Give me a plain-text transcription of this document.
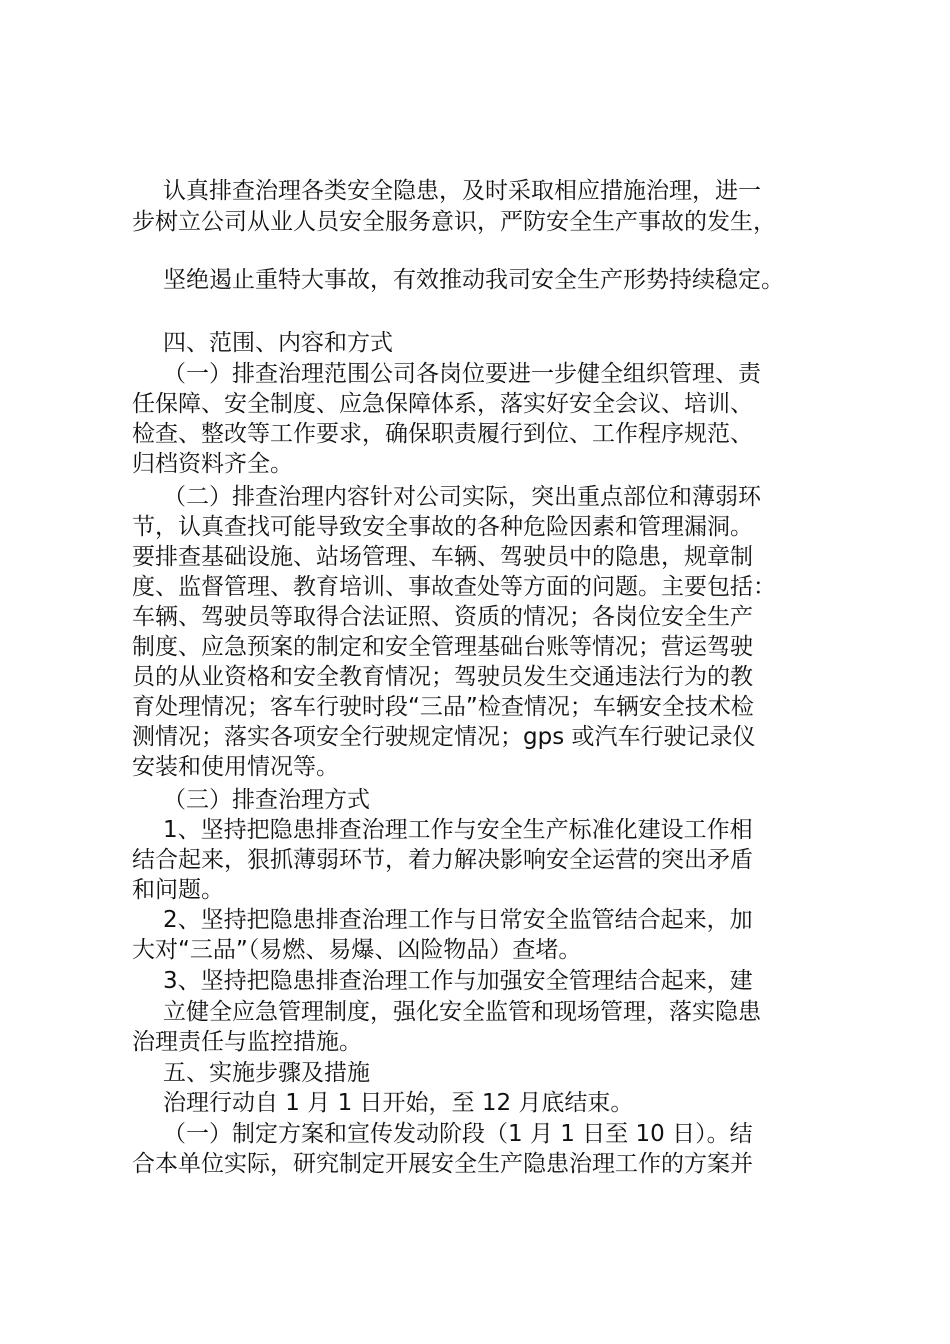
认真排查治理各类安全隐患，及时采取相应措施治理，进一

步树立公司从业人员安全服务意识，严防安全生产事故的发生，

坚绝遏止重特大事故，有效推动我司安全生产形势持续稳定。

四、范围、内容和方式

（一）排查治理范围公司各岗位要进一步健全组织管理、责

任保障、安全制度、应急保障体系，落实好安全会议、培训、

检查、整改等工作要求，确保职责履行到位、工作程序规范、

归档资料齐全。

（二）排查治理内容针对公司实际，突出重点部位和薄弱环

节，认真查找可能导致安全事故的各种危险因素和管理漏洞。

要排查基础设施、站场管理、车辆、驾驶员中的隐患，规章制

度、监督管理、教育培训、事故查处等方面的问题。主要包括：

车辆、驾驶员等取得合法证照、资质的情况；各岗位安全生产

制度、应急预案的制定和安全管理基础台账等情况；营运驾驶

员的从业资格和安全教育情况；驾驶员发生交通违法行为的教

育处理情况；客车行驶时段“三品”检查情况；车辆安全技术检

测情况；落实各项安全行驶规定情况；gps 或汽车行驶记录仪

安装和使用情况等。

（三）排查治理方式

1、坚持把隐患排查治理工作与安全生产标准化建设工作相

结合起来，狠抓薄弱环节，着力解决影响安全运营的突出矛盾

和问题。

2、坚持把隐患排查治理工作与日常安全监管结合起来，加

大对“三品”（易燃、易爆、凶险物品）查堵。

3、坚持把隐患排查治理工作与加强安全管理结合起来，建

立健全应急管理制度，强化安全监管和现场管理，落实隐患

治理责任与监控措施。

五、实施步骤及措施

治理行动自 1 月 1 日开始，至 12 月底结束。

（一）制定方案和宣传发动阶段（1 月 1 日至 10 日）。结

合本单位实际，研究制定开展安全生产隐患治理工作的方案并
